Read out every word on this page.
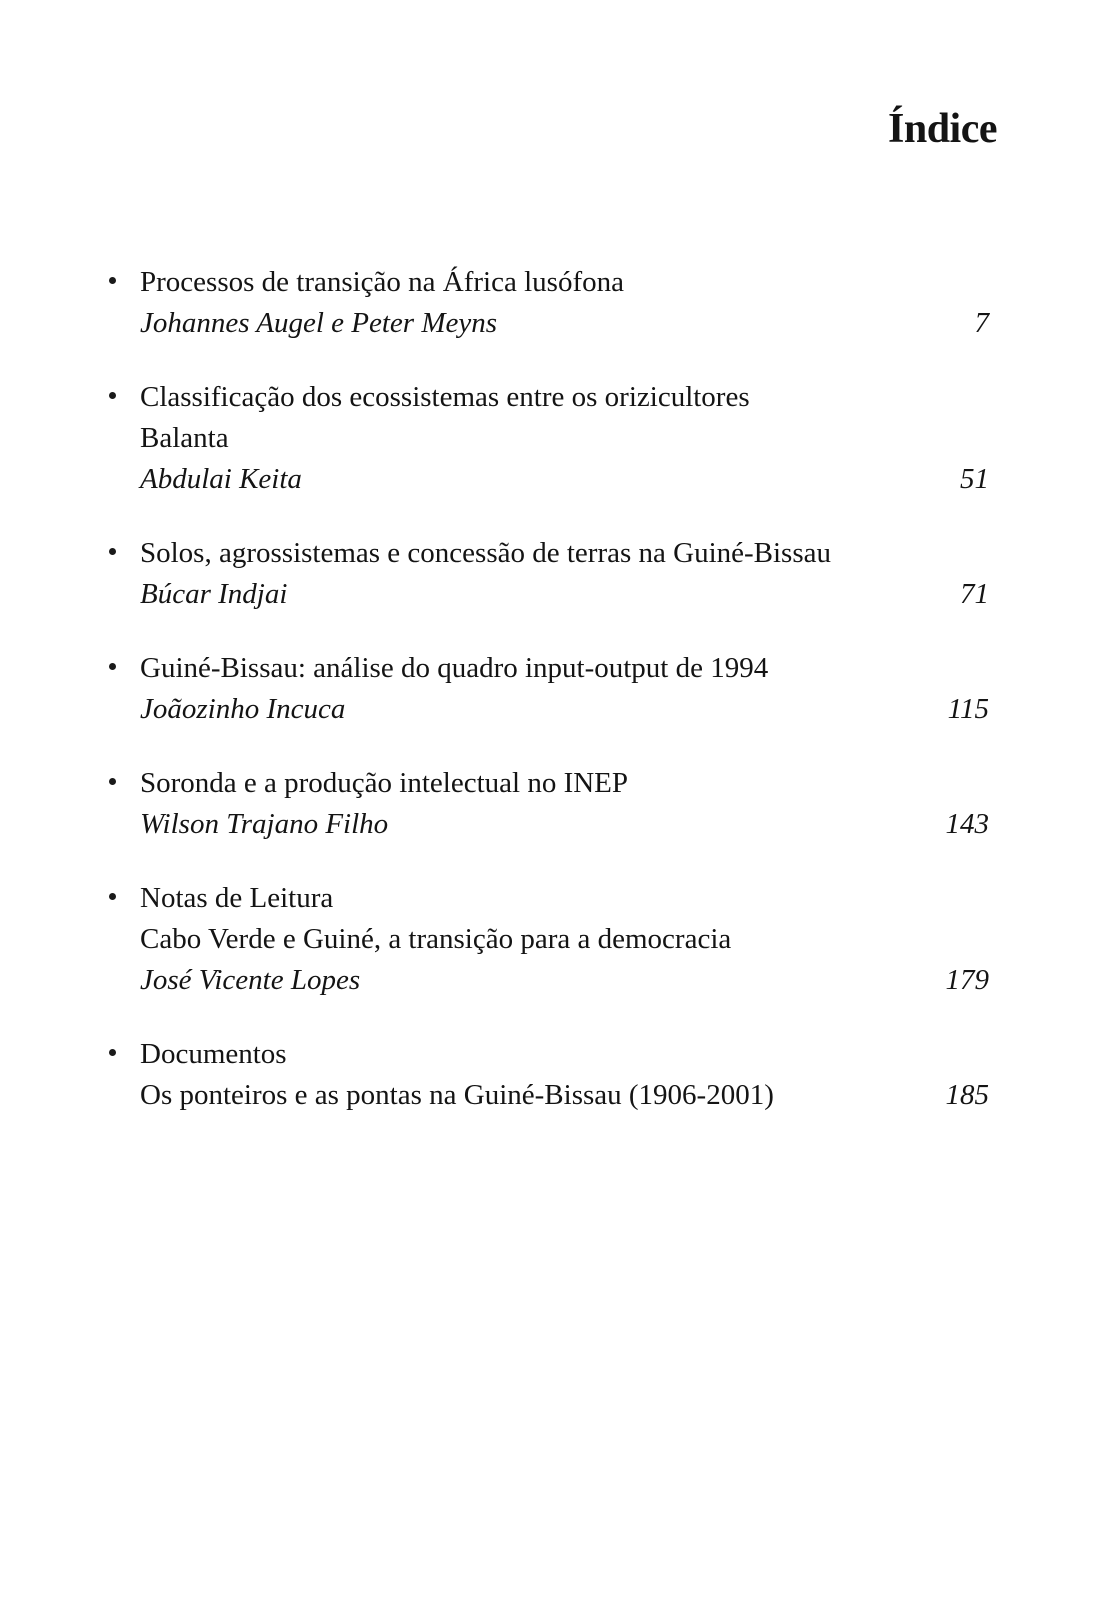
Índice
Processos de transição na África lusófona
Johannes Augel e Peter Meyns	7
Classificação dos ecossistemas entre os orizicultores
Balanta
Abdulai Keita	51
Solos, agrossistemas e concessão de terras na Guiné-Bissau
Búcar Indjai	71
Guiné-Bissau: análise do quadro input-output de 1994
Joãozinho Incuca	115
Soronda e a produção intelectual no INEP
Wilson Trajano Filho	143
Notas de Leitura
Cabo Verde e Guiné, a transição para a democracia
José Vicente Lopes	179
Documentos
Os ponteiros e as pontas na Guiné-Bissau (1906-2001)	185
